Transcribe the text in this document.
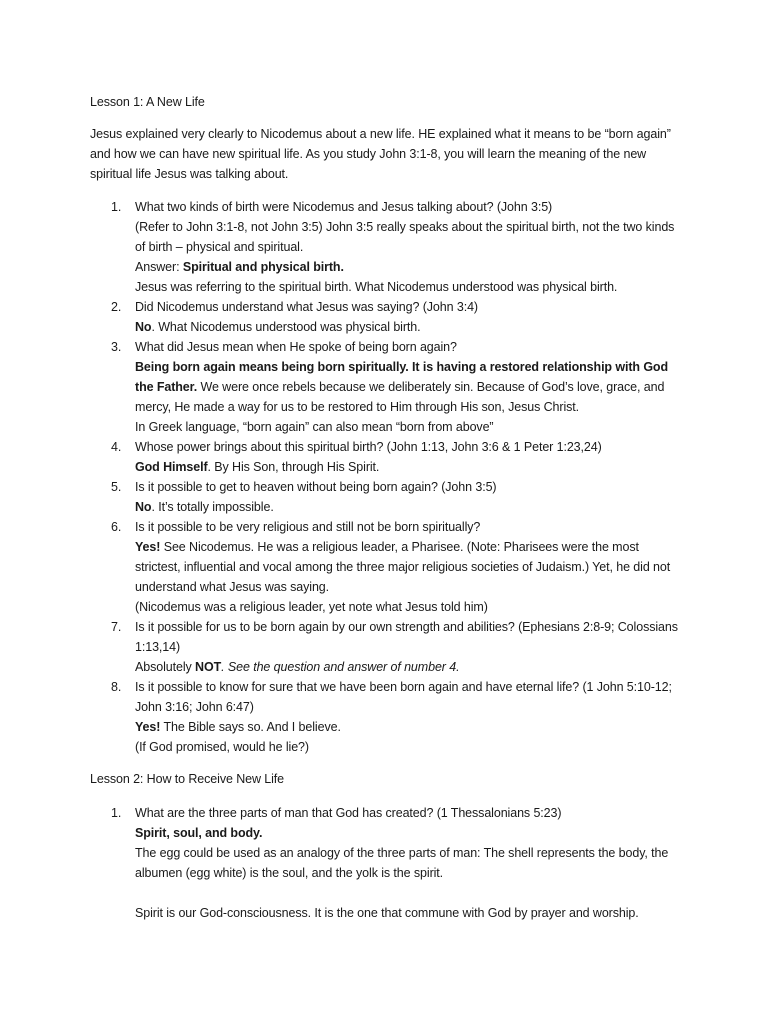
Lesson 1: A New Life
Jesus explained very clearly to Nicodemus about a new life. HE explained what it means to be “born again” and how we can have new spiritual life. As you study John 3:1-8, you will learn the meaning of the new spiritual life Jesus was talking about.
1. What two kinds of birth were Nicodemus and Jesus talking about? (John 3:5)
(Refer to John 3:1-8, not John 3:5) John 3:5 really speaks about the spiritual birth, not the two kinds of birth – physical and spiritual.
Answer: Spiritual and physical birth.
Jesus was referring to the spiritual birth. What Nicodemus understood was physical birth.
2. Did Nicodemus understand what Jesus was saying? (John 3:4)
No. What Nicodemus understood was physical birth.
3. What did Jesus mean when He spoke of being born again?
Being born again means being born spiritually. It is having a restored relationship with God the Father. We were once rebels because we deliberately sin. Because of God’s love, grace, and mercy, He made a way for us to be restored to Him through His son, Jesus Christ.
In Greek language, “born again” can also mean “born from above”
4. Whose power brings about this spiritual birth? (John 1:13, John 3:6 & 1 Peter 1:23,24)
God Himself. By His Son, through His Spirit.
5. Is it possible to get to heaven without being born again? (John 3:5)
No. It’s totally impossible.
6. Is it possible to be very religious and still not be born spiritually?
Yes! See Nicodemus. He was a religious leader, a Pharisee. (Note: Pharisees were the most strictest, influential and vocal among the three major religious societies of Judaism.) Yet, he did not understand what Jesus was saying.
(Nicodemus was a religious leader, yet note what Jesus told him)
7. Is it possible for us to be born again by our own strength and abilities? (Ephesians 2:8-9; Colossians 1:13,14)
Absolutely NOT. See the question and answer of number 4.
8. Is it possible to know for sure that we have been born again and have eternal life? (1 John 5:10-12; John 3:16; John 6:47)
Yes! The Bible says so. And I believe.
(If God promised, would he lie?)
Lesson 2: How to Receive New Life
1. What are the three parts of man that God has created? (1 Thessalonians 5:23)
Spirit, soul, and body.
The egg could be used as an analogy of the three parts of man: The shell represents the body, the albumen (egg white) is the soul, and the yolk is the spirit.
Spirit is our God-consciousness. It is the one that commune with God by prayer and worship.
